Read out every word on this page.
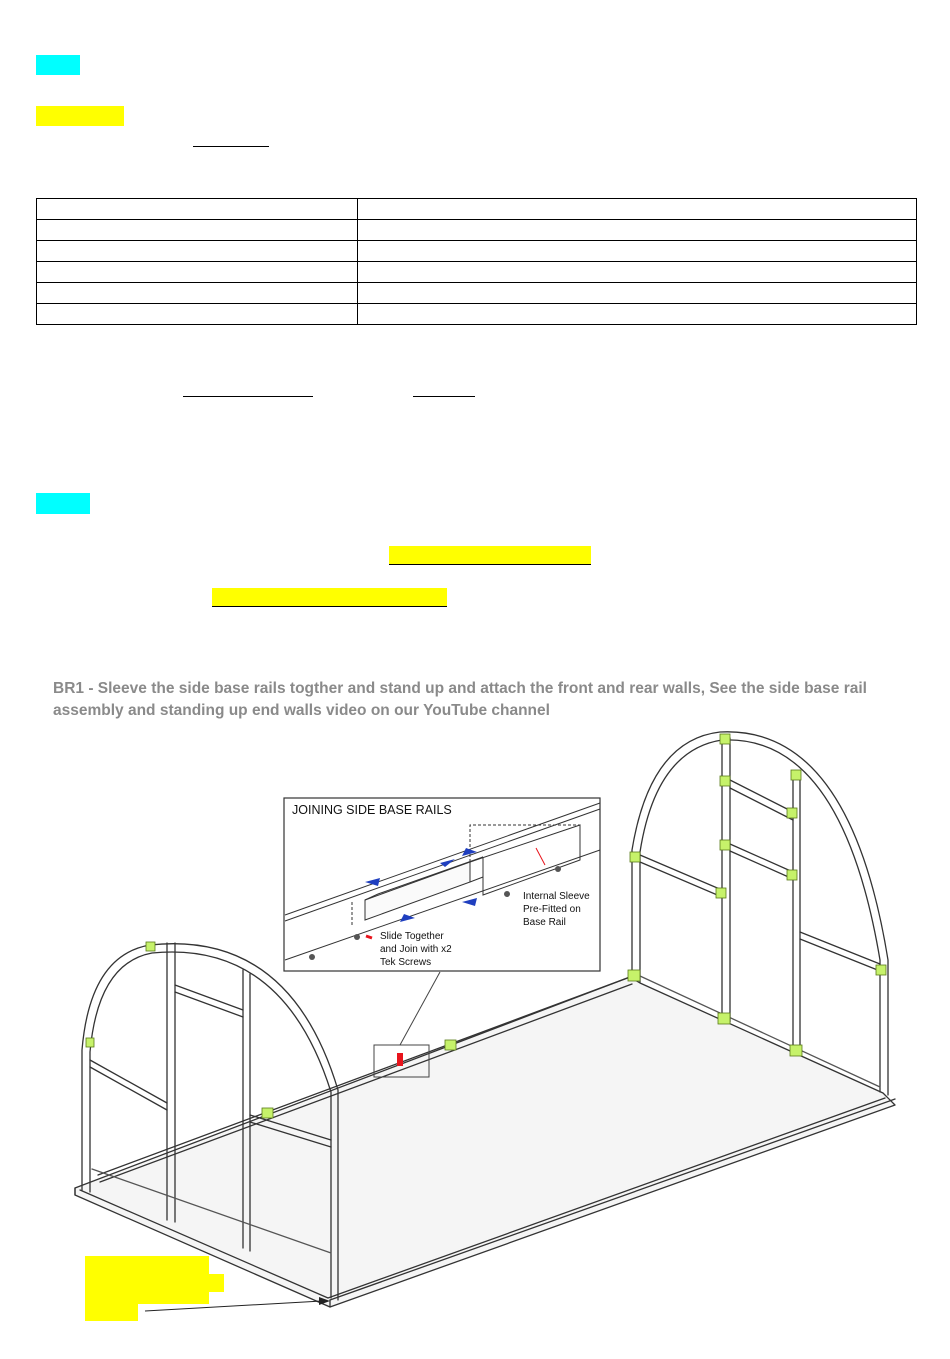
BR1 - Sleeve the side base rails togther and stand up and attach the front and rear walls, See the side base rail
assembly and standing up end walls video on our YouTube channel
JOINING SIDE BASE RAILS
Internal Sleeve
Pre-Fitted on
Base Rail
Slide Together
and Join with x2
Tek Screws
